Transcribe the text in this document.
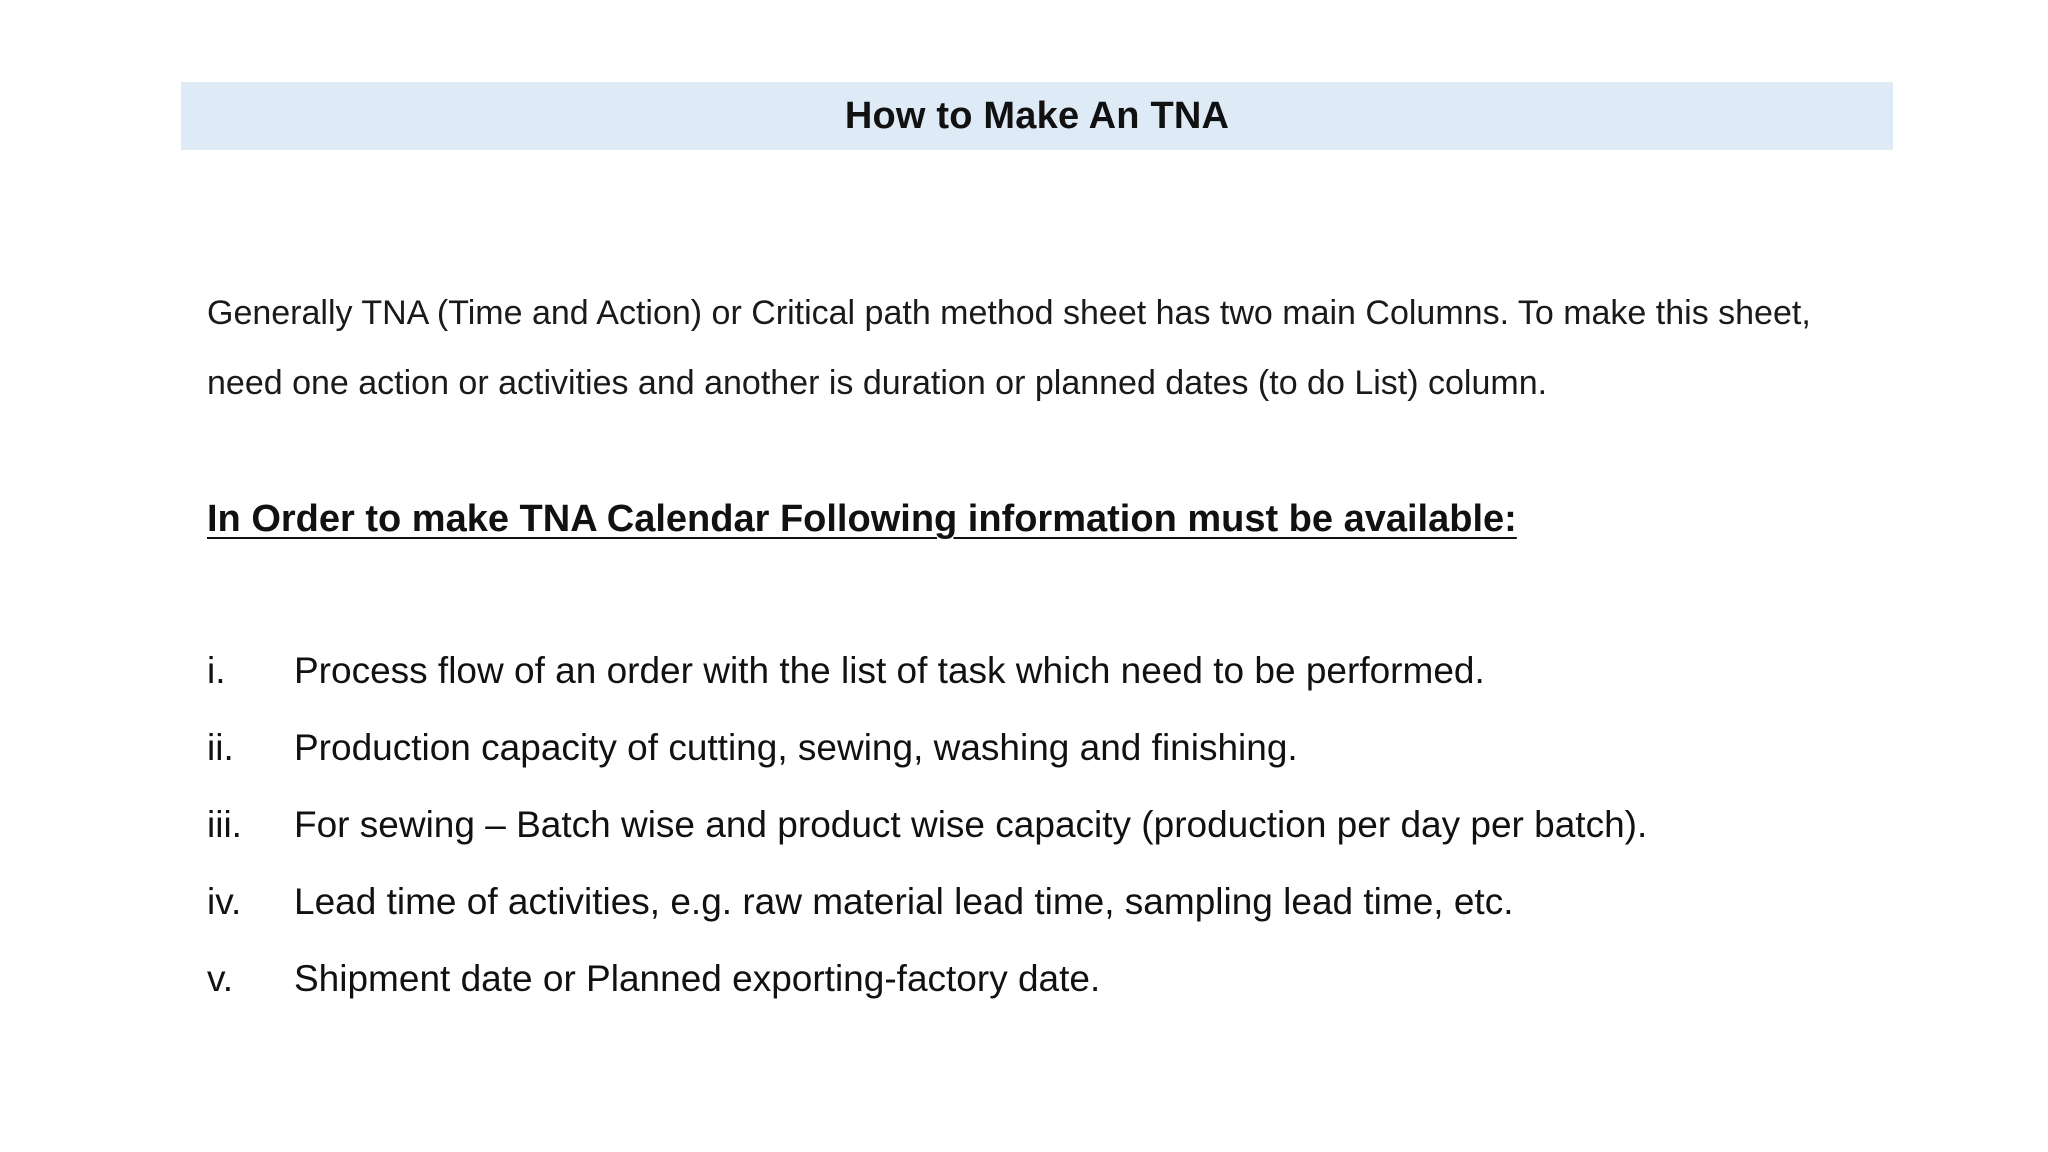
How to Make An TNA

Generally TNA (Time and Action) or Critical path method sheet has two main Columns. To make this sheet, need one action or activities and another is duration or planned dates (to do List) column.

In Order to make TNA Calendar Following information must be available:

i.	Process flow of an order with the list of task which need to be performed.
ii.	Production capacity of cutting, sewing, washing and finishing.
iii.	For sewing – Batch wise and product wise capacity (production per day per batch).
iv.	Lead time of activities, e.g. raw material lead time, sampling lead time, etc.
v.	Shipment date or Planned exporting-factory date.
